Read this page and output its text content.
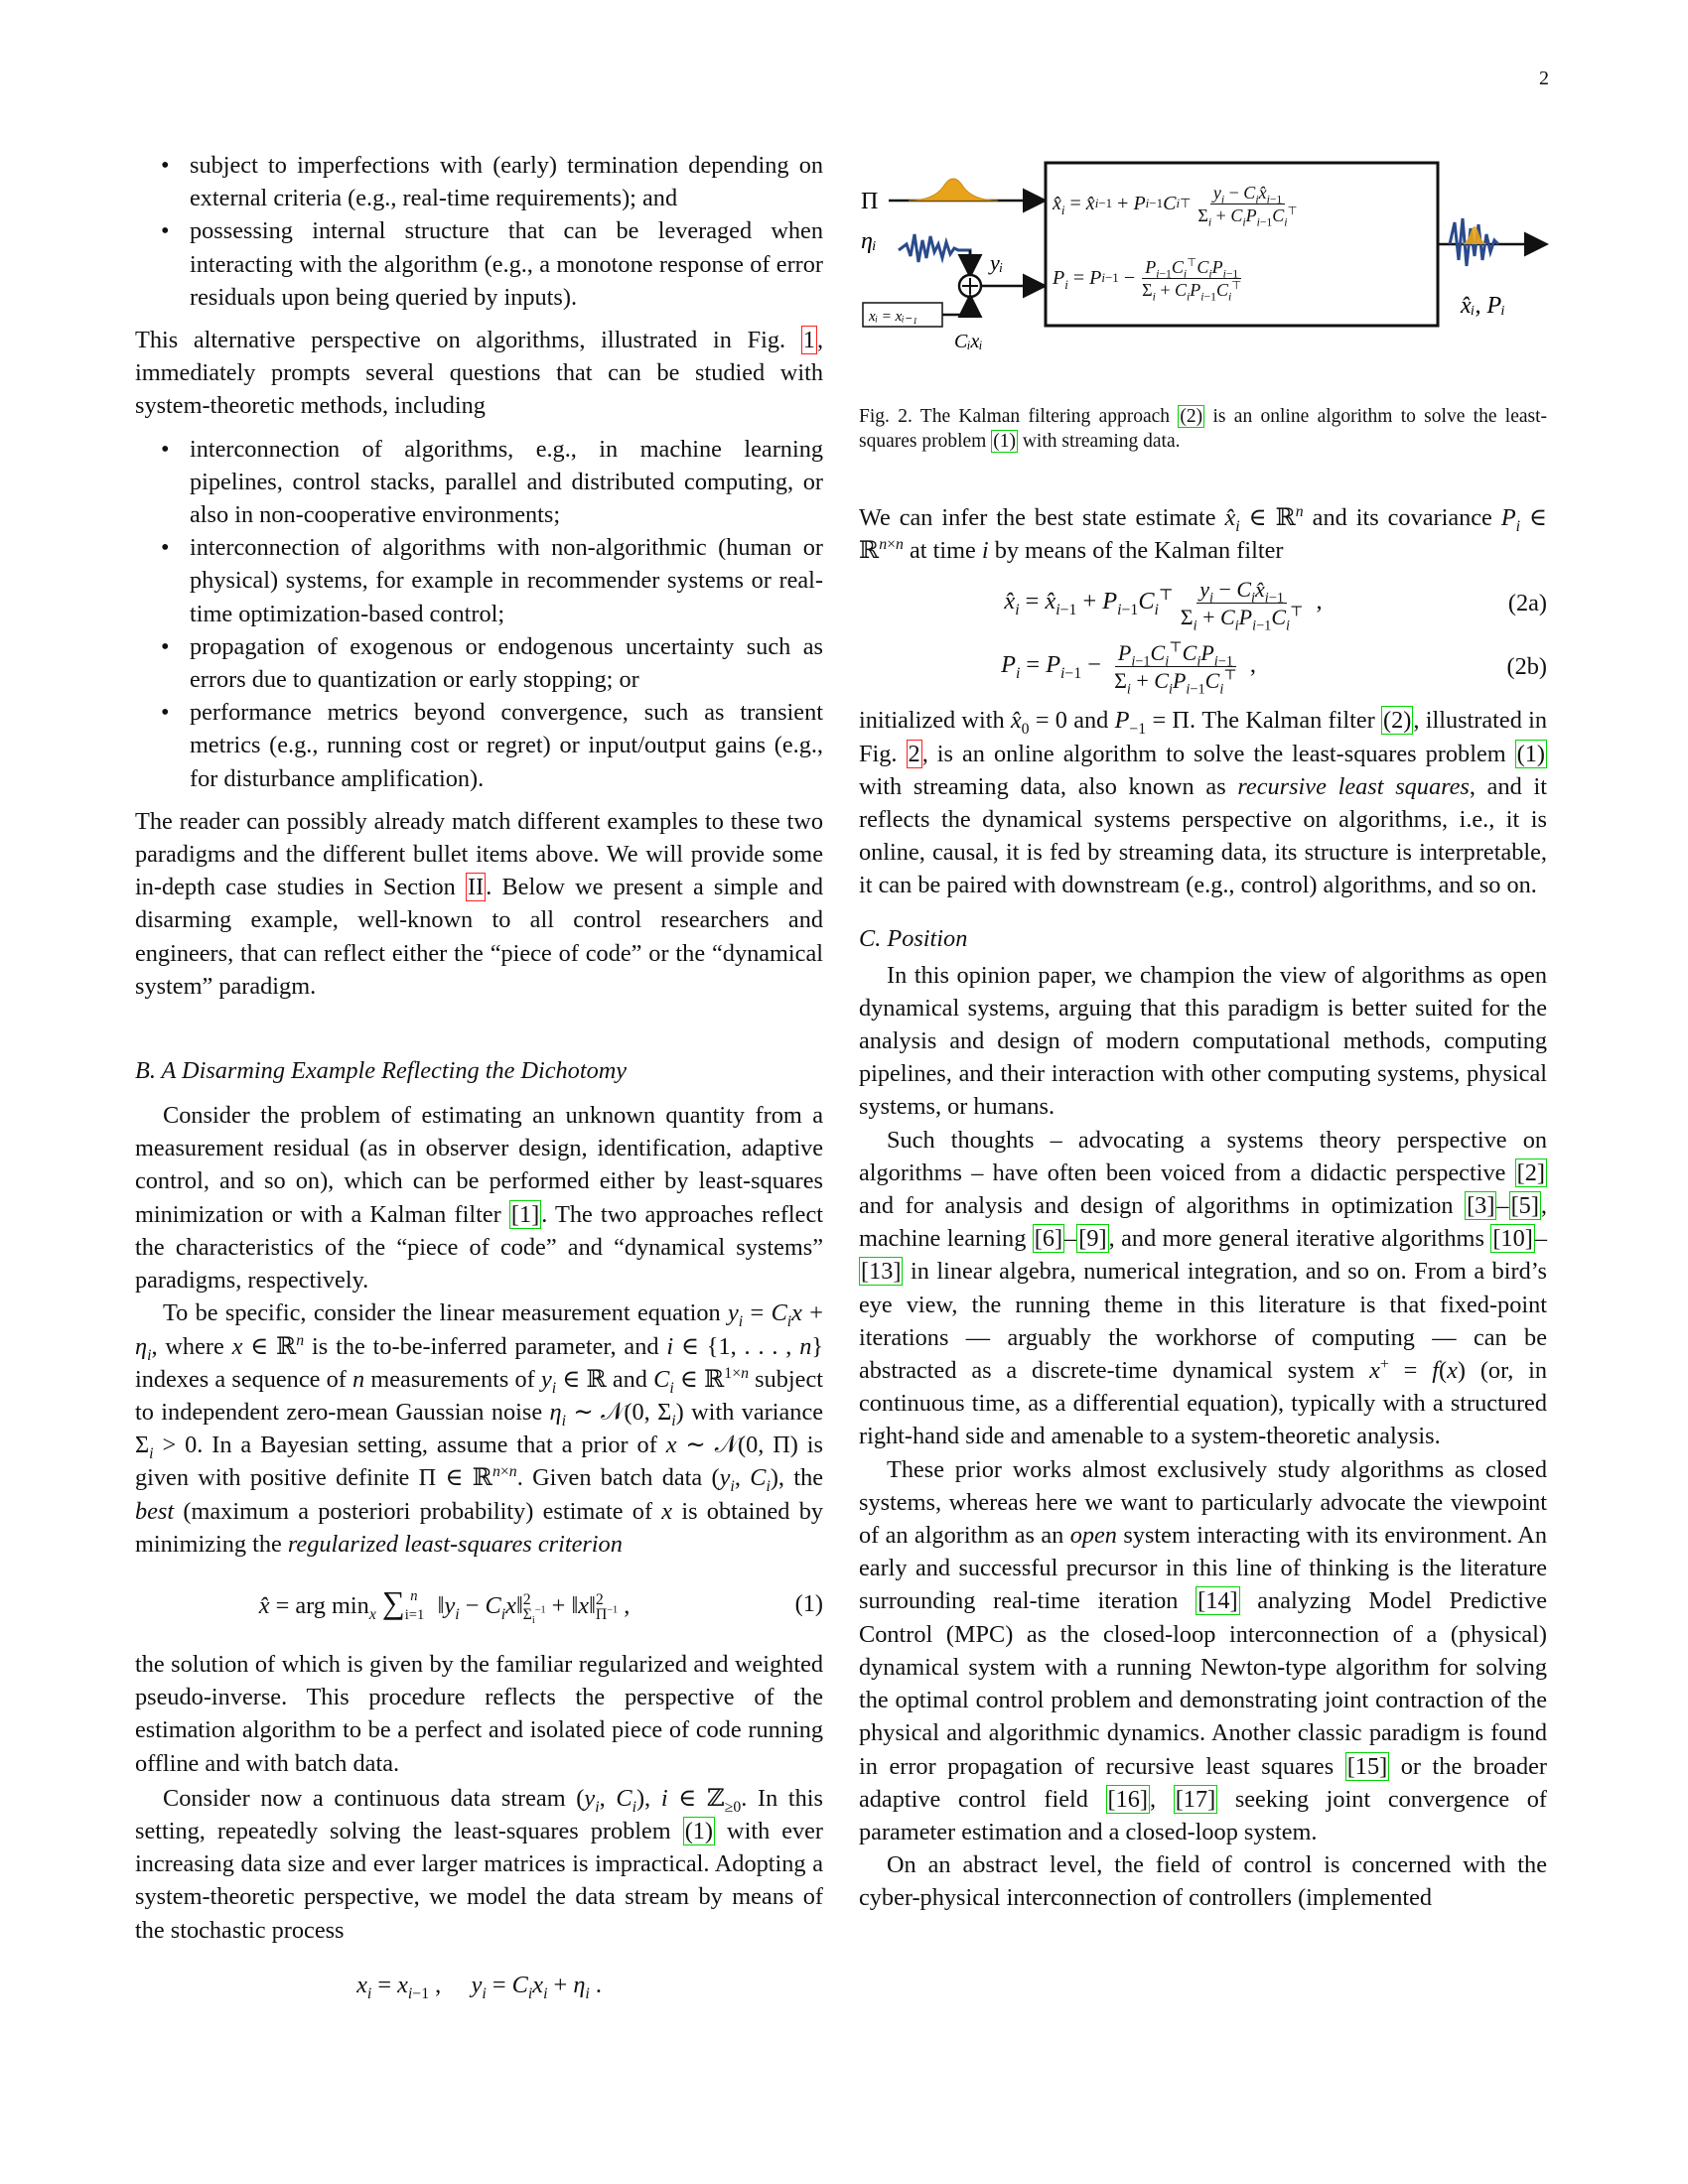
2
• subject to imperfections with (early) termination depending on external criteria (e.g., real-time requirements); and
• possessing internal structure that can be leveraged when interacting with the algorithm (e.g., a monotone response of error residuals upon being queried by inputs).

This alternative perspective on algorithms, illustrated in Fig. 1, immediately prompts several questions that can be studied with system-theoretic methods, including

• interconnection of algorithms, e.g., in machine learning pipelines, control stacks, parallel and distributed computing, or also in non-cooperative environments;
• interconnection of algorithms with non-algorithmic (human or physical) systems, for example in recommender systems or real-time optimization-based control;
• propagation of exogenous or endogenous uncertainty such as errors due to quantization or early stopping; or
• performance metrics beyond convergence, such as transient metrics (e.g., running cost or regret) or input/output gains (e.g., for disturbance amplification).

The reader can possibly already match different examples to these two paradigms and the different bullet items above. We will provide some in-depth case studies in Section II. Below we present a simple and disarming example, well-known to all control researchers and engineers, that can reflect either the “piece of code” or the “dynamical system” paradigm.

B. A Disarming Example Reflecting the Dichotomy

Consider the problem of estimating an unknown quantity from a measurement residual (as in observer design, identification, adaptive control, and so on), which can be performed either by least-squares minimization or with a Kalman filter [1]. The two approaches reflect the characteristics of the “piece of code” and “dynamical systems” paradigms, respectively.

To be specific, consider the linear measurement equation $y_i = C_ix + \eta_i$, where x ∈ ℝ$^n$ is the to-be-inferred parameter, and i ∈ {1, . . . , n} indexes a sequence of n measurements of $y_i$ ∈ ℝ and $C_i$ ∈ ℝ$^{1\times n}$ subject to independent zero-mean Gaussian noise $\eta_i$ ∼ 𝒩(0, $\Sigma_i$) with variance $\Sigma_i > 0$. In a Bayesian setting, assume that a prior of x ∼ 𝒩(0, Π) is given with positive definite Π ∈ ℝ$^{n\times n}$. Given batch data ($y_i$, $C_i$), the best (maximum a posteriori probability) estimate of x is obtained by minimizing the regularized least-squares criterion

x̂ = arg $\min_x \sum_{i=1}^n$ $‖y_i$ − $C_ix‖^2_{\Sigma_i^{-1}}$ + ‖x‖$^2_{\Pi^{-1}}$ ,	(1)

the solution of which is given by the familiar regularized and weighted pseudo-inverse. This procedure reflects the perspective of the estimation algorithm to be a perfect and isolated piece of code running offline and with batch data.

Consider now a continuous data stream ($y_i$, $C_i$), i ∈ ℤ$_{\ge 0}$. In this setting, repeatedly solving the least-squares problem (1) with ever increasing data size and ever larger matrices is impractical. Adopting a system-theoretic perspective, we model the data stream by means of the stochastic process

$x_i = x_{i-1}$ ,     $y_i = C_ix_i + \eta_i$ .
Π
ηᵢ
yᵢ
xᵢ = xᵢ₋₁
Cᵢxᵢ
$x̂_i$ = x̂ i−1 + P i−1 C i ⊤ $\frac{y_i - C_ix̂_{i-1}}{\Sigma_i + C_iP_{i-1}C_i^⊤}$
$P_i = P$ $i-1 - \frac{P_{i-1}C_i^⊤C_iP_{i-1}}{\Sigma_i + C_iP_{i-1}C_i^⊤}$
x̂ᵢ, Pᵢ
Fig. 2. The Kalman filtering approach (2) is an online algorithm to solve the least-squares problem (1) with streaming data.

We can infer the best state estimate $x̂_i$ ∈ ℝ$^n$ and its covariance $P_i$ ∈ ℝ$^{n\times n}$ at time i by means of the Kalman filter

$x̂_i$ = $x̂_{i-1} + P_{i-1}C_i^⊤ \frac{y_i - C_ix̂_{i-1}}{\Sigma_i + C_iP_{i-1}C_i^⊤}$ ,	(2a)
$P_i = P_{i-1} - \frac{P_{i-1}C_i^⊤C_iP_{i-1}}{\Sigma_i + C_iP_{i-1}C_i^⊤}$ ,	(2b)

initialized with $x̂_0 = 0$ and $P_{-1} = \Pi$. The Kalman filter (2), illustrated in Fig. 2, is an online algorithm to solve the least-squares problem (1) with streaming data, also known as recursive least squares, and it reflects the dynamical systems perspective on algorithms, i.e., it is online, causal, it is fed by streaming data, its structure is interpretable, it can be paired with downstream (e.g., control) algorithms, and so on.

C. Position

In this opinion paper, we champion the view of algorithms as open dynamical systems, arguing that this paradigm is better suited for the analysis and design of modern computational methods, computing pipelines, and their interaction with other computing systems, physical systems, or humans.

Such thoughts – advocating a systems theory perspective on algorithms – have often been voiced from a didactic perspective [2] and for analysis and design of algorithms in optimization [3]–[5], machine learning [6]–[9], and more general iterative algorithms [10]–[13] in linear algebra, numerical integration, and so on. From a bird’s eye view, the running theme in this literature is that fixed-point iterations — arguably the workhorse of computing — can be abstracted as a discrete-time dynamical system x+ = f(x) (or, in continuous time, as a differential equation), typically with a structured right-hand side and amenable to a system-theoretic analysis.

These prior works almost exclusively study algorithms as closed systems, whereas here we want to particularly advocate the viewpoint of an algorithm as an open system interacting with its environment. An early and successful precursor in this line of thinking is the literature surrounding real-time iteration [14] analyzing Model Predictive Control (MPC) as the closed-loop interconnection of a (physical) dynamical system with a running Newton-type algorithm for solving the optimal control problem and demonstrating joint contraction of the physical and algorithmic dynamics. Another classic paradigm is found in error propagation of recursive least squares [15] or the broader adaptive control field [16], [17] seeking joint convergence of parameter estimation and a closed-loop system.

On an abstract level, the field of control is concerned with the cyber-physical interconnection of controllers (implemented
